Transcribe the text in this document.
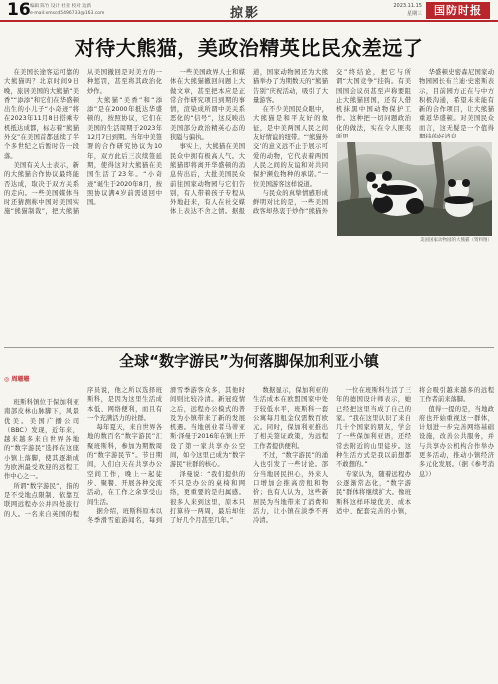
16 编辑 陈竹 设计 杜亚 校对 边新
e-mail:xmscd5496733@163.com	掠影	2023.11.15
星期三	国防时报
对待大熊猫，美政治精英比民众差远了

在美国长途客运可靠的大熊猫吗？北京时间9日晚，旅居美国的大熊猫“美香”“添添”和它们在华盛顿出生的小儿子“小奇迹”将在2023年11月8日搭乘专机抵达成都，标志着“熊猫外交”在美国首都延续了半个多世纪之后暂时告一段落。

美国有关人士表示，新的大熊猫合作协议最终能否达成，取决于双方关系的走向。一些美国媒体当时还猜测称中国对美国实施“熊猫制裁”，把大熊猫从美国撤回是对美方的一种惩罚，甚至将其政治化炒作。

大熊猫“美香”和“添添”是在2000年抵达华盛顿的，按照协议，它们在美国的生活周期于2023年12月7日到期。当年中美签署的合作研究协议为10年，双方此后三次续签延期，使得这对大熊猫在美国生活了23年。“小奇迹”诞生于2020年8月，按照协议满4岁前需返回中国。

一些美国政界人士和媒体在大熊猫撤回问题上大做文章，甚至把本应是正常合作研究项目到期的事情，渲染成所谓中美关系恶化的“信号”，这反映出美国部分政治精英心态的狭隘与偏执。

事实上，大熊猫在美国民众中拥有极高人气。大熊猫即将离开华盛顿的消息传出后，大批美国民众前往国家动物园与它们告别，有人带着孩子专程从外地赶来，有人在社交媒体上表达不舍之情。据报道，国家动物园还为大熊猫举办了为期数天的“熊猫告别”庆祝活动，吸引了大量游客。

在不少美国民众眼中，大熊猫是和平友好的象征，是中美两国人民之间友好情谊的纽带。“‘熊猫外交’的意义远不止于展示可爱的动物，它代表着两国人民之间的友谊和对共同保护濒危物种的承诺。”一位美国游客这样说道。

与民众的真挚情感形成鲜明对比的是，一些美国政客却热衷于炒作“熊猫外交”终结论，把它与所谓“大国竞争”挂钩。有美国国会议员甚至声称要阻止大熊猫回国，还有人借机抹黑中国动物保护工作。这种把一切问题政治化的做法，实在令人匪夷

华盛顿史密森尼国家动物园园长布兰迪·史密斯表示，目前园方正在与中方积极沟通，希望未来能有新的合作项目，让大熊猫重返华盛顿。对美国民众而言，这无疑是一个值得

美国国家动物园的大熊猫（资料图）
全球“数字游民”为何落脚保加利亚小镇
◎ 周珊珊

班斯科镇位于保加利亚南部皮林山脉脚下，风景优美。美国广播公司（BBC）发现，近年来，越来越多来自世界各地的“数字游民”选择在这座小镇上落脚，使其逐渐成为欧洲最受欢迎的远程工作中心之一。

所谓“数字游民”，指的是不受地点限制、依靠互联网远程办公并四处旅行的人。一名来自英国的程序员说，他之所以选择班斯科，是因为这里生活成本低、网络便利，而且有一个充满活力的社群。

每年夏天，来自世界各地的数百名“数字游民”汇聚班斯科，参加为期数周的“数字游民节”。节日期间，人们白天在共享办公空间工作，晚上一起徒步、聚餐、开展各种交流活动，在工作之余享受山间生活。

据介绍，班斯科原本以冬季滑雪旅游闻名，每到滑雪季游客众多，其他时间则比较冷清。新冠疫情之后，远程办公模式的普及为小镇带来了新的发展机遇。当地创业者马蒂亚斯·泽曼于2016年在镇上开设了第一家共享办公空间，如今这里已成为“数字游民”社群的核心。

泽曼说：“我们提供的不只是办公的桌椅和网络，更重要的是归属感。很多人来到这里，原本只打算待一两周，最后却住了好几个月甚至几年。”

数据显示，保加利亚的生活成本在欧盟国家中处于较低水平，班斯科一套公寓每月租金仅需数百欧元。同时，保加利亚推出了相关签证政策，为远程工作者提供便利。

不过，“数字游民”的涌入也引发了一些讨论。部分当地居民担心，外来人口增加会推高房租和物价；也有人认为，这些新居民为当地带来了消费和活力，让小镇在淡季不再冷清。

一位在班斯科生活了三年的德国设计师表示，她已经把这里当成了自己的家。“我在这里认识了来自几十个国家的朋友，学会了一些保加利亚语，还经常去附近的山里徒步。这种生活方式是我以前想都不敢想的。”

专家认为，随着远程办公逐渐常态化，“数字游民”群体将继续扩大。像班斯科这样环境优美、成本适中、配套完善的小镇，将会吸引越来越多的远程工作者前来落脚。

值得一提的是，当地政府也开始重视这一群体，计划进一步完善网络基础设施，改善公共服务，并与共享办公机构合作举办更多活动，推动小镇经济多元化发展。（据《参考消息》）
